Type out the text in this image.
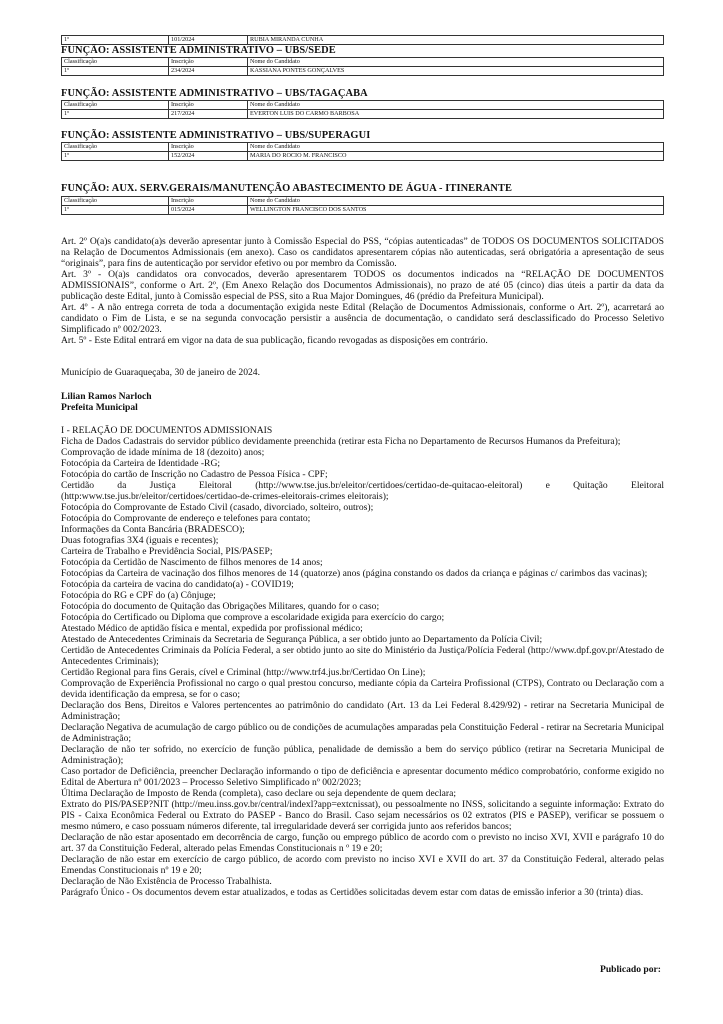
1º	101/2024	RUBIA MIRANDA CUNHA
FUNÇÃO: ASSISTENTE ADMINISTRATIVO – UBS/SEDE
Classificação	Inscrição	Nome do Candidato
1º	234/2024	KASSIANA PONTES GONÇALVES
FUNÇÃO: ASSISTENTE ADMINISTRATIVO – UBS/TAGAÇABA
Classificação	Inscrição	Nome do Candidato
1º	217/2024	EVERTON LUIS DO CARMO BARBOSA
FUNÇÃO: ASSISTENTE ADMINISTRATIVO – UBS/SUPERAGUI
Classificação	Inscrição	Nome do Candidato
1º	152/2024	MARIA DO ROCIO M. FRANCISCO
FUNÇÃO: AUX. SERV.GERAIS/MANUTENÇÃO ABASTECIMENTO DE ÁGUA - ITINERANTE
Classificação	Inscrição	Nome do Candidato
1º	015/2024	WELLINGTON FRANCISCO DOS SANTOS

Art. 2º O(a)s candidato(a)s deverão apresentar junto à Comissão Especial do PSS, “cópias autenticadas” de TODOS OS DOCUMENTOS SOLICITADOS na Relação de Documentos Admissionais (em anexo). Caso os candidatos apresentarem cópias não autenticadas, será obrigatória a apresentação de seus “originais”, para fins de autenticação por servidor efetivo ou por membro da Comissão.

Art. 3º - O(a)s candidatos ora convocados, deverão apresentarem TODOS os documentos indicados na “RELAÇÃO DE DOCUMENTOS ADMISSIONAIS”, conforme o Art. 2º, (Em Anexo Relação dos Documentos Admissionais), no prazo de até 05 (cinco) dias úteis a partir da data da publicação deste Edital, junto à Comissão especial de PSS, sito a Rua Major Domingues, 46 (prédio da Prefeitura Municipal).

Art. 4º - A não entrega correta de toda a documentação exigida neste Edital (Relação de Documentos Admissionais, conforme o Art. 2º), acarretará ao candidato o Fim de Lista, e se na segunda convocação persistir a ausência de documentação, o candidato será desclassificado do Processo Seletivo Simplificado nº 002/2023.

Art. 5º - Este Edital entrará em vigor na data de sua publicação, ficando revogadas as disposições em contrário.

Município de Guaraqueçaba, 30 de janeiro de 2024.
Lilian Ramos Narloch
Prefeita Municipal
I - RELAÇÃO DE DOCUMENTOS ADMISSIONAIS

Ficha de Dados Cadastrais do servidor público devidamente preenchida (retirar esta Ficha no Departamento de Recursos Humanos da Prefeitura);

Comprovação de idade mínima de 18 (dezoito) anos;

Fotocópia da Carteira de Identidade -RG;

Fotocópia do cartão de Inscrição no Cadastro de Pessoa Física - CPF;

Certidão da Justiça Eleitoral (http://www.tse.jus.br/eleitor/certidoes/certidao-de-quitacao-eleitoral) e Quitação Eleitoral (http:www.tse.jus.br/eleitor/certidoes/certidao-de-crimes-eleitorais-crimes eleitorais);

Fotocópia do Comprovante de Estado Civil (casado, divorciado, solteiro, outros);

Fotocópia do Comprovante de endereço e telefones para contato;

Informações da Conta Bancária (BRADESCO);

Duas fotografias 3X4 (iguais e recentes);

Carteira de Trabalho e Previdência Social, PIS/PASEP;

Fotocópia da Certidão de Nascimento de filhos menores de 14 anos;

Fotocópias da Carteira de vacinação dos filhos menores de 14 (quatorze) anos (página constando os dados da criança e páginas c/ carimbos das vacinas);

Fotocópia da carteira de vacina do candidato(a) - COVID19;

Fotocópia do RG e CPF do (a) Cônjuge;

Fotocópia do documento de Quitação das Obrigações Militares, quando for o caso;

Fotocópia do Certificado ou Diploma que comprove a escolaridade exigida para exercício do cargo;

Atestado Médico de aptidão física e mental, expedida por profissional médico;

Atestado de Antecedentes Criminais da Secretaria de Segurança Pública, a ser obtido junto ao Departamento da Polícia Civil;

Certidão de Antecedentes Criminais da Polícia Federal, a ser obtido junto ao site do Ministério da Justiça/Polícia Federal (http://www.dpf.gov.pr/Atestado de Antecedentes Criminais);

Certidão Regional para fins Gerais, cível e Criminal (http://www.trf4.jus.br/Certidao On Line);

Comprovação de Experiência Profissional no cargo o qual prestou concurso, mediante cópia da Carteira Profissional (CTPS), Contrato ou Declaração com a devida identificação da empresa, se for o caso;

Declaração dos Bens, Direitos e Valores pertencentes ao patrimônio do candidato (Art. 13 da Lei Federal 8.429/92) - retirar na Secretaria Municipal de Administração;

Declaração Negativa de acumulação de cargo público ou de condições de acumulações amparadas pela Constituição Federal - retirar na Secretaria Municipal de Administração;

Declaração de não ter sofrido, no exercício de função pública, penalidade de demissão a bem do serviço público (retirar na Secretaria Municipal de Administração);

Caso portador de Deficiência, preencher Declaração informando o tipo de deficiência e apresentar documento médico comprobatório, conforme exigido no Edital de Abertura nº 001/2023 – Processo Seletivo Simplificado nº 002/2023;

Última Declaração de Imposto de Renda (completa), caso declare ou seja dependente de quem declara;

Extrato do PIS/PASEP?NIT (http://meu.inss.gov.br/central/indexl?app=extcnissat), ou pessoalmente no INSS, solicitando a seguinte informação: Extrato do PIS - Caixa Econômica Federal ou Extrato do PASEP - Banco do Brasil. Caso sejam necessários os 02 extratos (PIS e PASEP), verificar se possuem o mesmo número, e caso possuam números diferente, tal irregularidade deverá ser corrigida junto aos referidos bancos;

Declaração de não estar aposentado em decorrência de cargo, função ou emprego público de acordo com o previsto no inciso XVI, XVII e parágrafo 10 do art. 37 da Constituição Federal, alterado pelas Emendas Constitucionais n º 19 e 20;

Declaração de não estar em exercício de cargo público, de acordo com previsto no inciso XVI e XVII do art. 37 da Constituição Federal, alterado pelas Emendas Constitucionais nº 19 e 20;

Declaração de Não Existência de Processo Trabalhista.

Parágrafo Único - Os documentos devem estar atualizados, e todas as Certidões solicitadas devem estar com datas de emissão inferior a 30 (trinta) dias.

Publicado por:
